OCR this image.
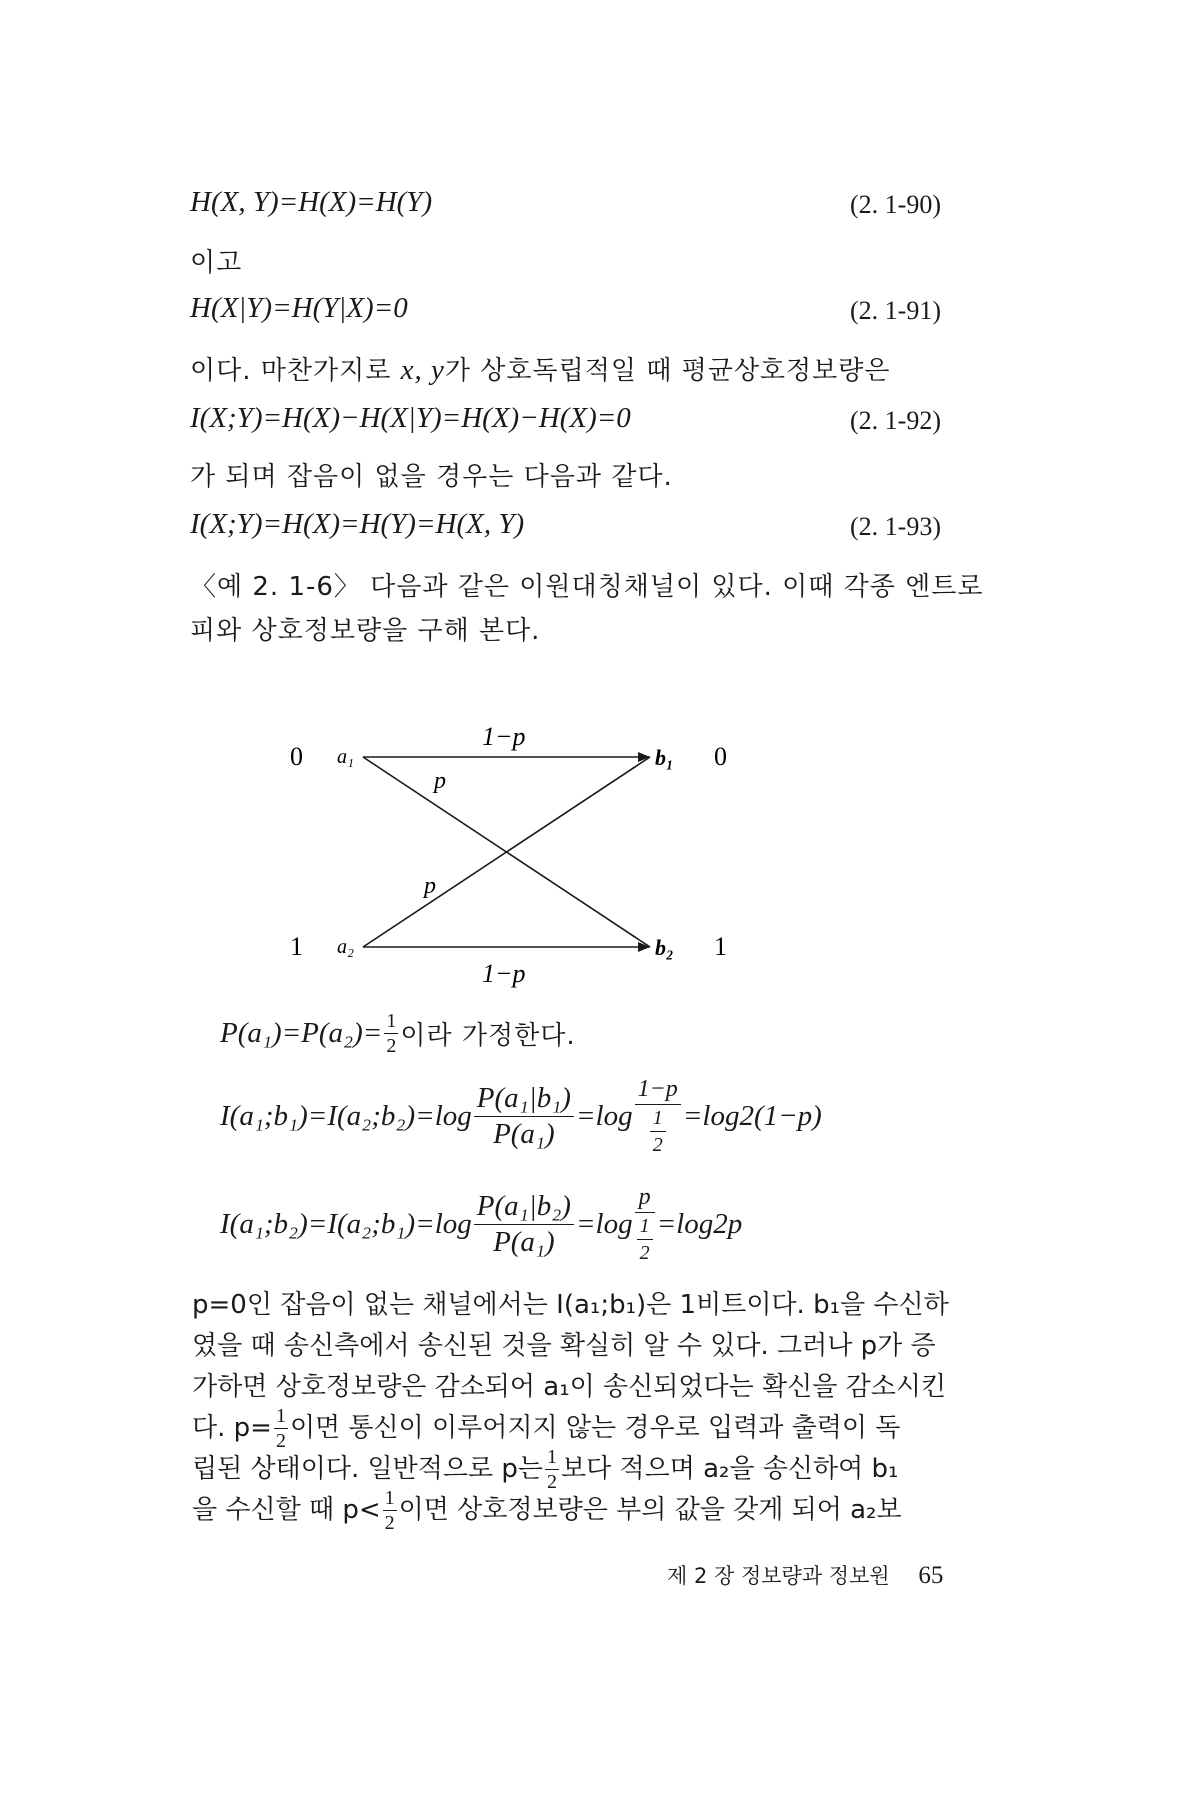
H(X, Y)=H(X)=H(Y)	(2. 1-90)
이고
H(X|Y)=H(Y|X)=0	(2. 1-91)
이다. 마찬가지로 x, y가 상호독립적일 때 평균상호정보량은
I(X;Y)=H(X)−H(X|Y)=H(X)−H(X)=0	(2. 1-92)
가 되며 잡음이 없을 경우는 다음과 같다.
I(X;Y)=H(X)=H(Y)=H(X, Y)	(2. 1-93)
〈예 2. 1-6〉 다음과 같은 이원대칭채널이 있다. 이때 각종 엔트로
피와 상호정보량을 구해 본다.
0
1
0
1
a₁
a₂
b₁
b₂
1−p
1−p
p
p
$P(a_1)=P(a_2)= \frac{1}{2}$ 이라 가정한다.
I(a₁;b₁)=I(a₂;b₂)=log $\frac{\text{P(a₁|b₁)}}{\text{P(a₁)}} =\log \frac{1-p}{\frac{1}{2}} =\log 2(1-p)$
I(a₁;b₂)=I(a₂;b₁)=log $\frac{\text{P(a₁|b₂)}}{\text{P(a₁)}} =\log \frac{p}{\frac{1}{2}} =\log 2p$
p=0인 잡음이 없는 채널에서는 I(a₁;b₁)은 1비트이다. b₁을 수신하
였을 때 송신측에서 송신된 것을 확실히 알 수 있다. 그러나 p가 증
가하면 상호정보량은 감소되어 a₁이 송신되었다는 확신을 감소시킨
다. $p= \frac{1}{2}$ 이면 통신이 이루어지지 않는 경우로 입력과 출력이 독
립된 상태이다. 일반적으로 p는 $\frac{1}{2}$ 보다 적으며 a₂을 송신하여 b₁
을 수신할 때 $p< \frac{1}{2}$ 이면 상호정보량은 부의 값을 갖게 되어 a₂보
제 2 장 정보량과 정보원 65
